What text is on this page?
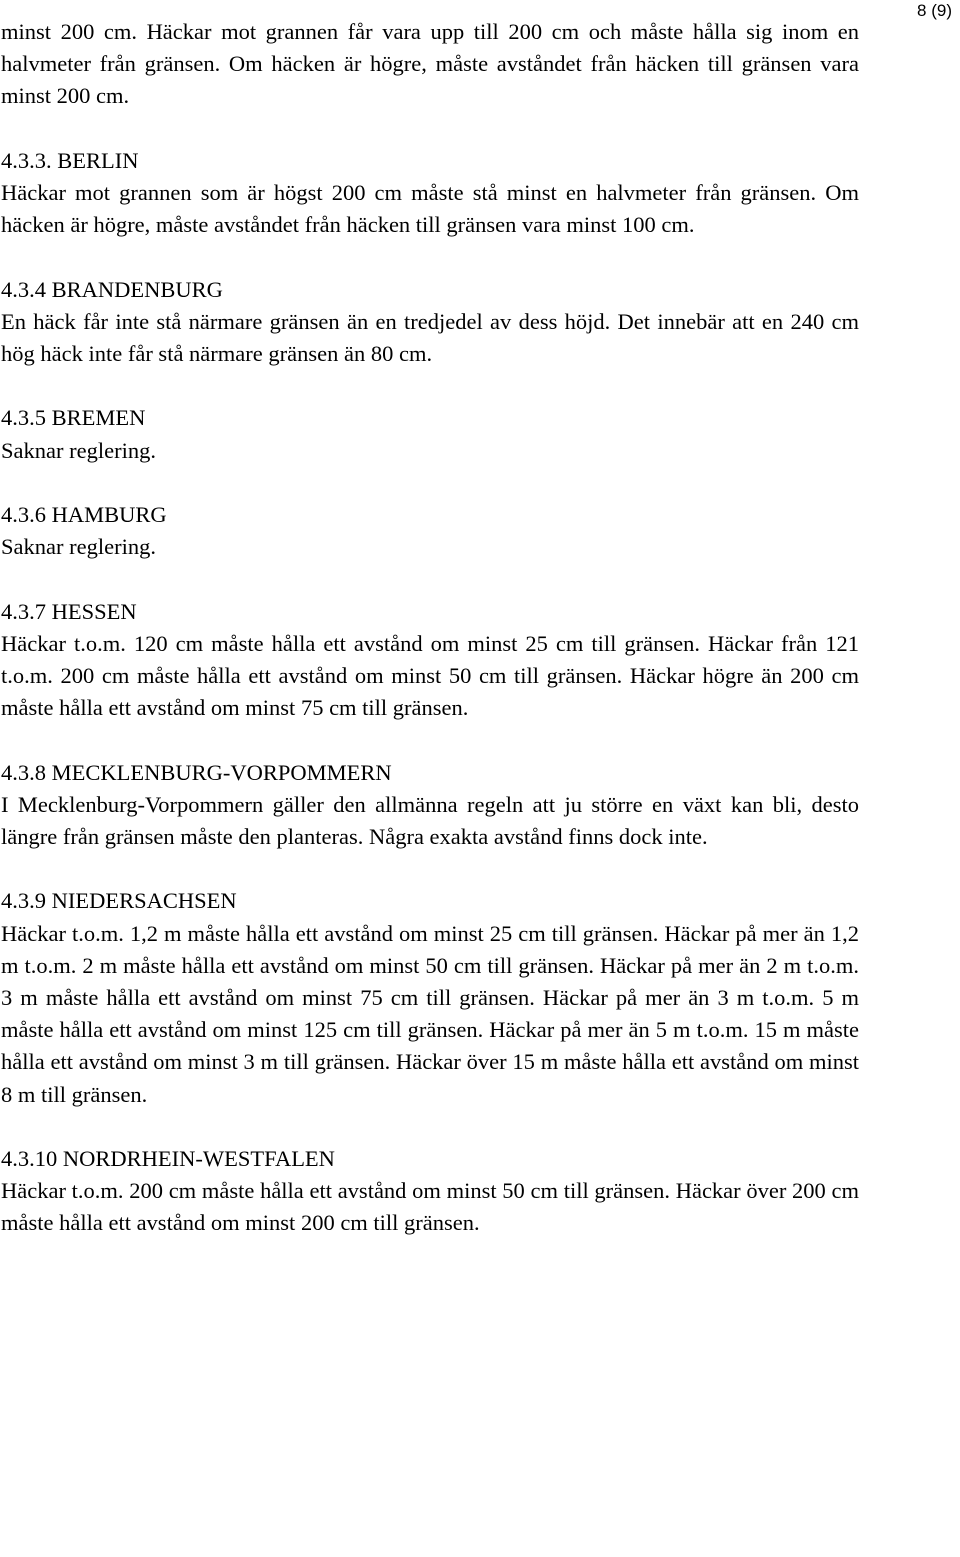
8 (9)

minst 200 cm. Häckar mot grannen får vara upp till 200 cm och måste hålla sig inom en halvmeter från gränsen. Om häcken är högre, måste avståndet från häcken till gränsen vara minst 200 cm.

4.3.3. BERLIN

Häckar mot grannen som är högst 200 cm måste stå minst en halvmeter från gränsen. Om häcken är högre, måste avståndet från häcken till gränsen vara minst 100 cm.

4.3.4 BRANDENBURG

En häck får inte stå närmare gränsen än en tredjedel av dess höjd. Det innebär att en 240 cm hög häck inte får stå närmare gränsen än 80 cm.

4.3.5 BREMEN

Saknar reglering.

4.3.6 HAMBURG

Saknar reglering.

4.3.7 HESSEN

Häckar t.o.m. 120 cm måste hålla ett avstånd om minst 25 cm till gränsen. Häckar från 121 t.o.m. 200 cm måste hålla ett avstånd om minst 50 cm till gränsen. Häckar högre än 200 cm måste hålla ett avstånd om minst 75 cm till gränsen.

4.3.8 MECKLENBURG-VORPOMMERN

I Mecklenburg-Vorpommern gäller den allmänna regeln att ju större en växt kan bli, desto längre från gränsen måste den planteras. Några exakta avstånd finns dock inte.

4.3.9 NIEDERSACHSEN

Häckar t.o.m. 1,2 m måste hålla ett avstånd om minst 25 cm till gränsen. Häckar på mer än 1,2 m t.o.m. 2 m måste hålla ett avstånd om minst 50 cm till gränsen. Häckar på mer än 2 m t.o.m. 3 m måste hålla ett avstånd om minst 75 cm till gränsen. Häckar på mer än 3 m t.o.m. 5 m måste hålla ett avstånd om minst 125 cm till gränsen. Häckar på mer än 5 m t.o.m. 15 m måste hålla ett avstånd om minst 3 m till gränsen. Häckar över 15 m måste hålla ett avstånd om minst 8 m till gränsen.

4.3.10 NORDRHEIN-WESTFALEN

Häckar t.o.m. 200 cm måste hålla ett avstånd om minst 50 cm till gränsen. Häckar över 200 cm måste hålla ett avstånd om minst 200 cm till gränsen.
